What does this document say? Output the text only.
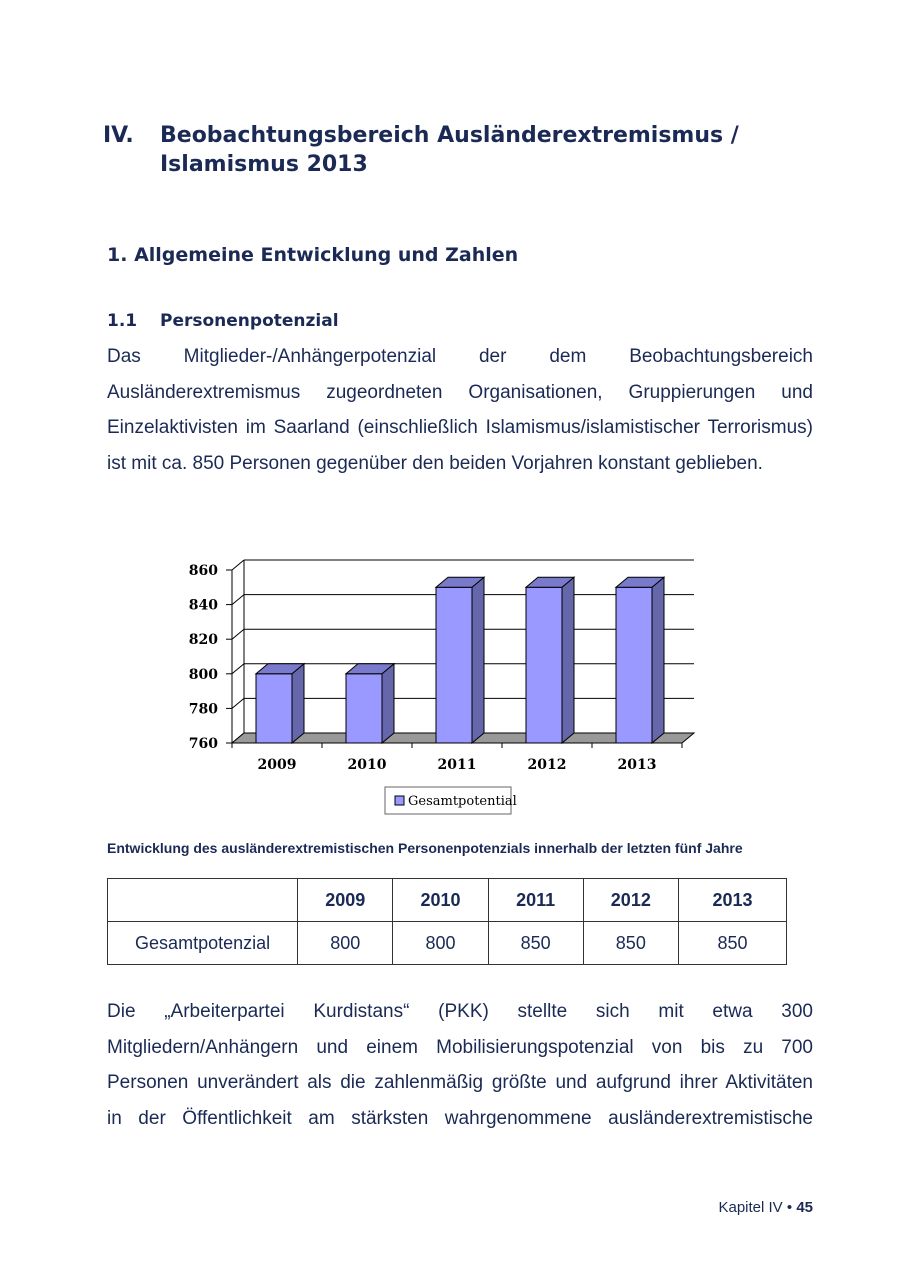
IV. Beobachtungsbereich Ausländerextremismus /
Islamismus 2013
1. Allgemeine Entwicklung und Zahlen
1.1 Personenpotenzial
Das Mitglieder-/Anhängerpotenzial der dem Beobachtungsbereich Ausländerextremismus zugeordneten Organisationen, Gruppierungen und Einzelaktivisten im Saarland (einschließlich Islamismus/islamistischer Terrorismus) ist mit ca. 850 Personen gegenüber den beiden Vorjahren konstant geblieben.
760
780
800
820
840
860
2009	2010	2011	2012	2013
Gesamtpotential
Entwicklung des ausländerextremistischen Personenpotenzials innerhalb der letzten fünf Jahre
	2009	2010	2011	2012	2013
Gesamtpotenzial	800	800	850	850	850
Die „Arbeiterpartei Kurdistans“ (PKK) stellte sich mit etwa 300
Mitgliedern/Anhängern und einem Mobilisierungspotenzial von bis zu 700
Personen unverändert als die zahlenmäßig größte und aufgrund ihrer Aktivitäten
in der Öffentlichkeit am stärksten wahrgenommene ausländerextremistische
Kapitel IV • 45
